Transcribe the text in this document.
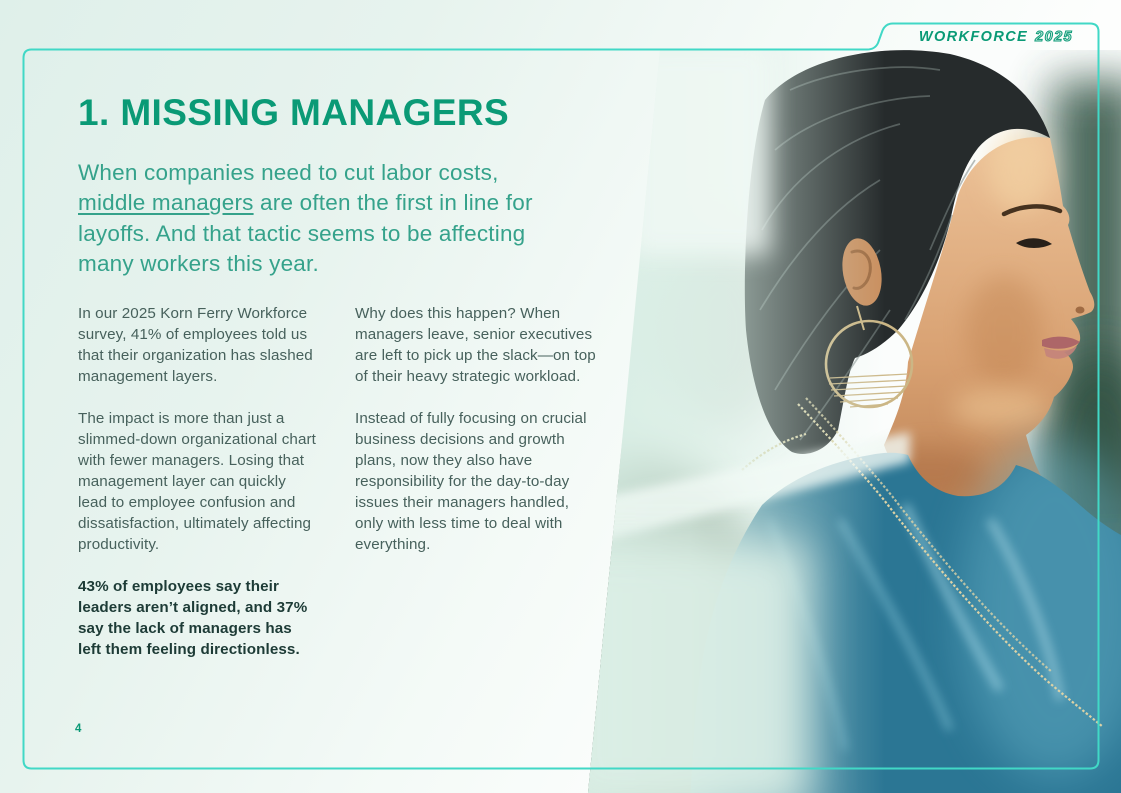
WORKFORCE 2025
1. MISSING MANAGERS

When companies need to cut labor costs, middle managers are often the first in line for layoffs. And that tactic seems to be affecting many workers this year.

In our 2025 Korn Ferry Workforce survey, 41% of employees told us that their organization has slashed management layers.

The impact is more than just a slimmed-down organizational chart with fewer managers. Losing that management layer can quickly lead to employee confusion and dissatisfaction, ultimately affecting productivity.

43% of employees say their leaders aren’t aligned, and 37% say the lack of managers has left them feeling directionless.

Why does this happen? When managers leave, senior executives are left to pick up the slack—on top of their heavy strategic workload.

Instead of fully focusing on crucial business decisions and growth plans, now they also have responsibility for the day-to-day issues their managers handled, only with less time to deal with everything.

4
